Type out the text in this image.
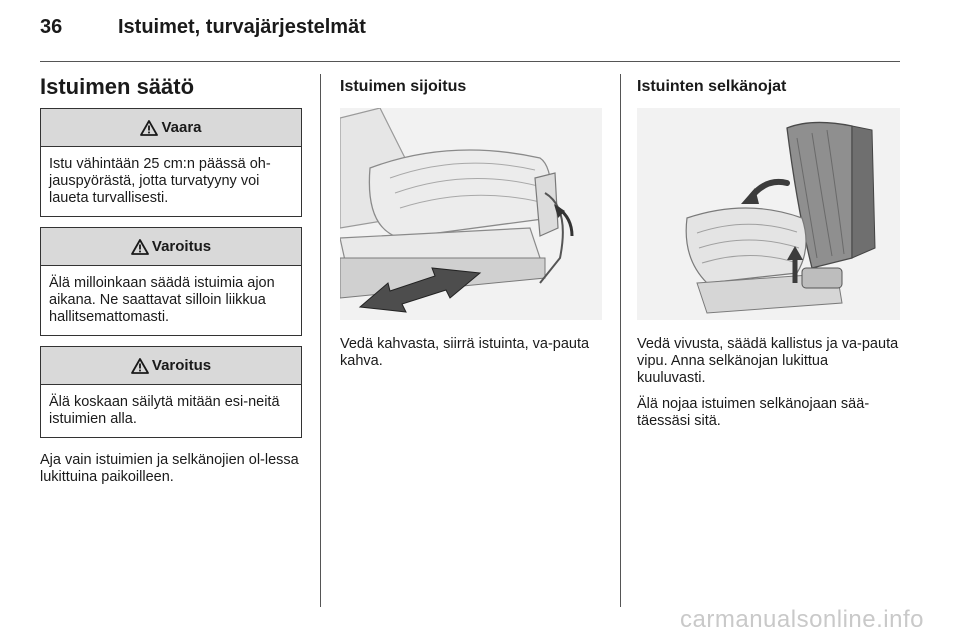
36	Istuimet, turvajärjestelmät
Istuimen säätö
Vaara
Istu vähintään 25 cm:n päässä oh-jauspyörästä, jotta turvatyyny voi laueta turvallisesti.
Varoitus
Älä milloinkaan säädä istuimia ajon aikana. Ne saattavat silloin liikkua hallitsemattomasti.
Varoitus
Älä koskaan säilytä mitään esi-neitä istuimien alla.
Aja vain istuimien ja selkänojien ol-lessa lukittuina paikoilleen.
Istuimen sijoitus
Vedä kahvasta, siirrä istuinta, va-pauta kahva.
Istuinten selkänojat
Vedä vivusta, säädä kallistus ja va-pauta vipu. Anna selkänojan lukittua kuuluvasti.
Älä nojaa istuimen selkänojaan sää-täessäsi sitä.
carmanualsonline.info
